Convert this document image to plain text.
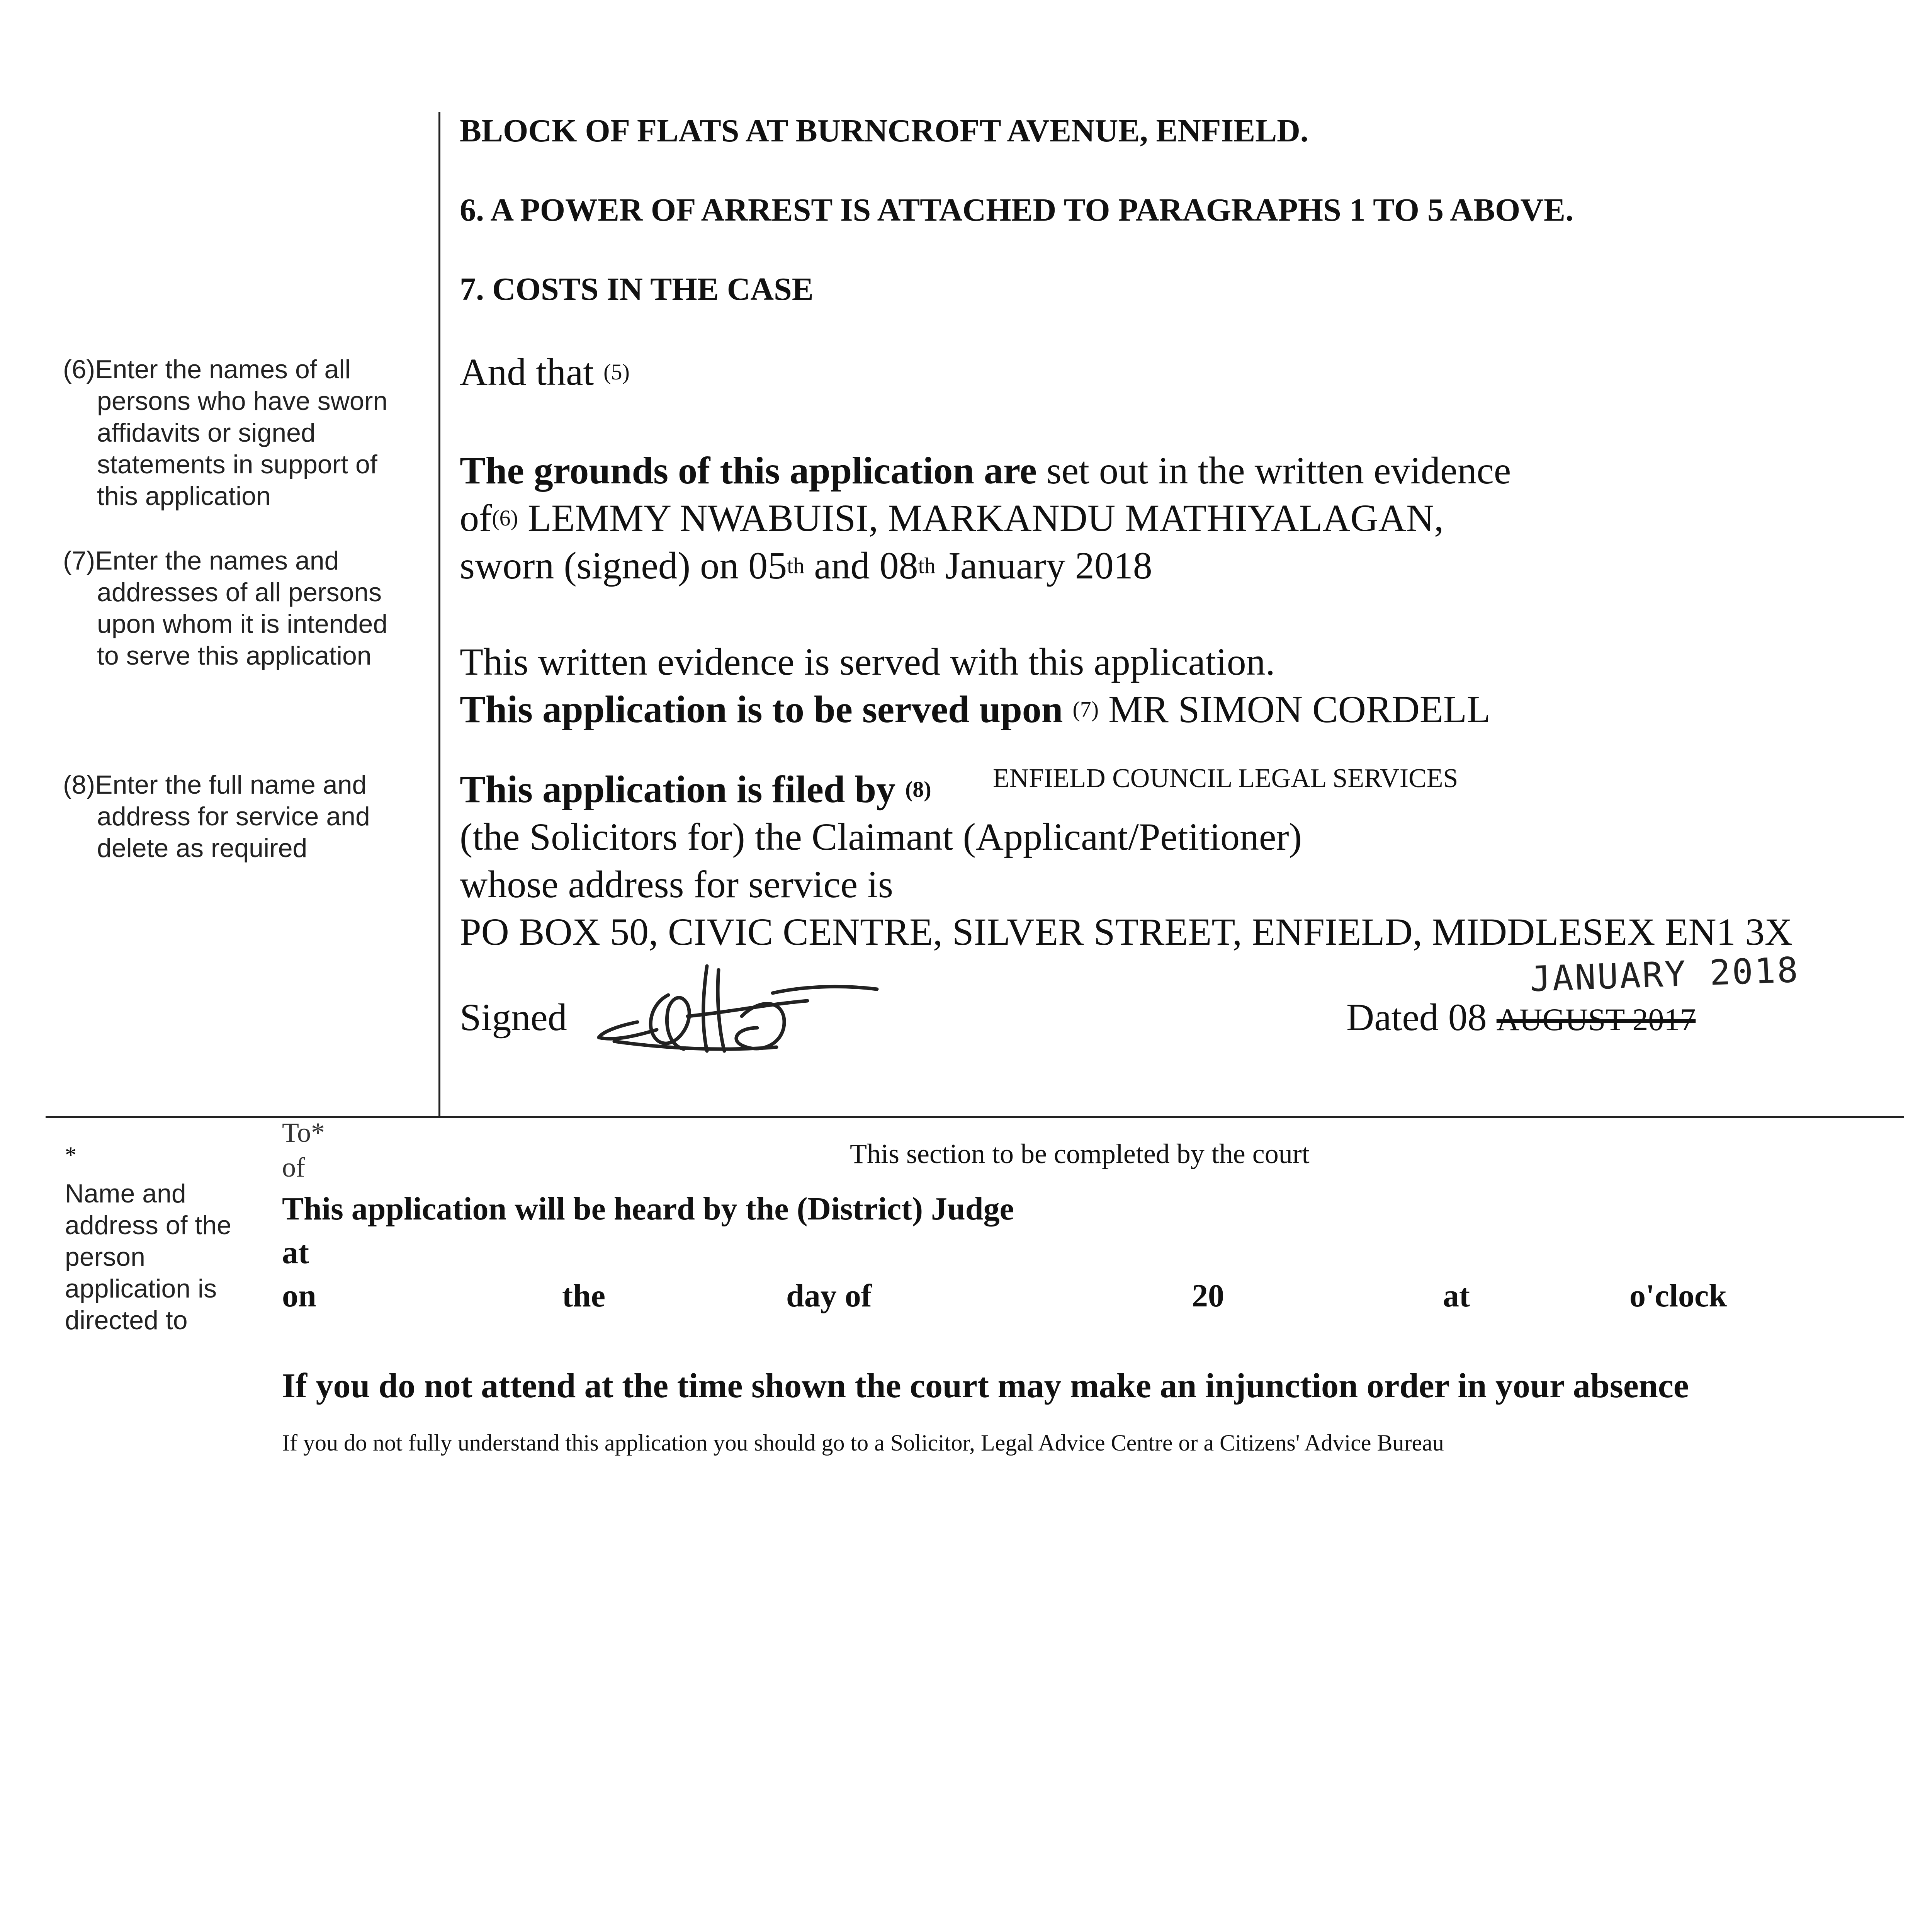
BLOCK OF FLATS AT BURNCROFT AVENUE, ENFIELD.
6. A POWER OF ARREST IS ATTACHED TO PARAGRAPHS 1 TO 5 ABOVE.
7. COSTS IN THE CASE
(6)Enter the names of all
persons who have sworn affidavits or signed statements in support of this application
(7)Enter the names and
addresses of all persons upon whom it is intended to serve this application
(8)Enter the full name and
address for service and delete as required
And that $^{(5)}$
The grounds of this application are set out in the written evidence
$of^{(6)}$ LEMMY NWABUISI, MARKANDU MATHIYALAGAN,
sworn (signed) on 05th and 08th January 2018
This written evidence is served with this application.
This application is to be served upon $^{(7)}$ MR SIMON CORDELL
This application is filed by $^{(8)}$ ENFIELD COUNCIL LEGAL SERVICES
(the Solicitors for) the Claimant (Applicant/Petitioner)
whose address for service is
PO BOX 50, CIVIC CENTRE, SILVER STREET, ENFIELD, MIDDLESEX EN1 3X
Signed	Dated 08 AUGUST 2017
JANUARY 2018
To*
of	This section to be completed by the court
*
Name and address of the person application is directed to
This application will be heard by the (District) Judge
at
on	the	day of	20	at	o'clock
If you do not attend at the time shown the court may make an injunction order in your absence
If you do not fully understand this application you should go to a Solicitor, Legal Advice Centre or a Citizens' Advice Bureau
